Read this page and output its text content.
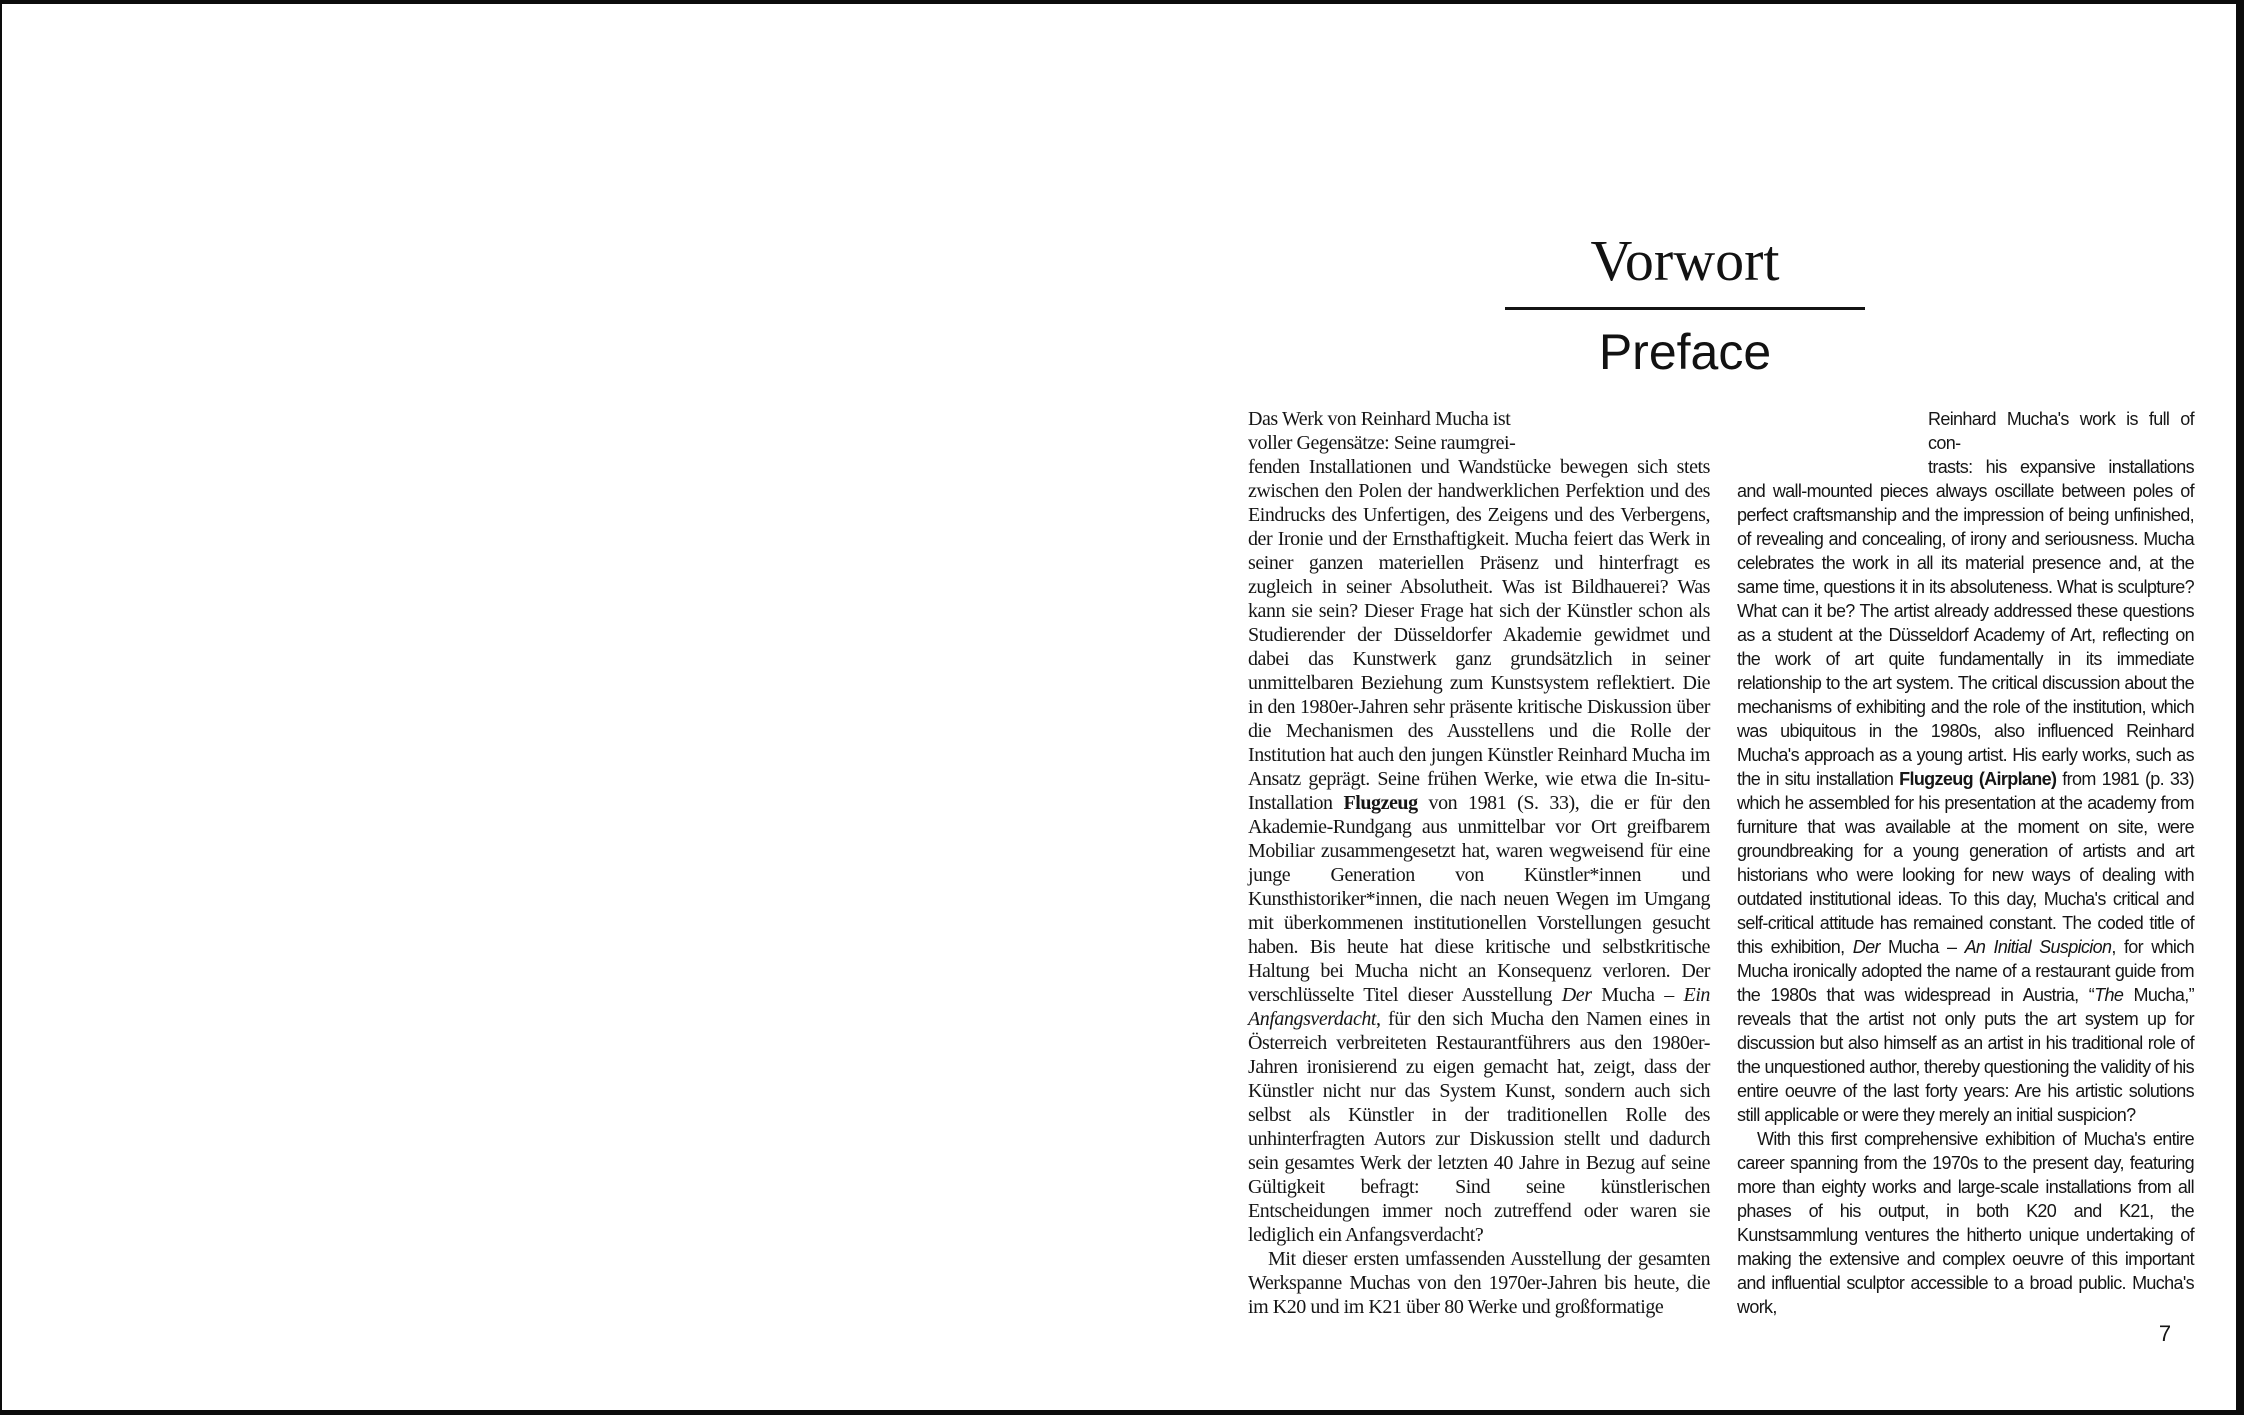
Vorwort
Preface
Das Werk von Reinhard Mucha ist
voller Gegensätze: Seine raumgrei-

fenden Installationen und Wandstücke bewegen sich stets zwischen den Polen der handwerklichen Perfektion und des Eindrucks des Unfertigen, des Zeigens und des Verbergens, der Ironie und der Ernsthaftigkeit. Mucha feiert das Werk in seiner ganzen materiellen Präsenz und hinterfragt es zugleich in seiner Absolutheit. Was ist Bildhauerei? Was kann sie sein? Dieser Frage hat sich der Künstler schon als Studierender der Düsseldorfer Akademie gewidmet und dabei das Kunstwerk ganz grundsätzlich in seiner unmittelbaren Beziehung zum Kunstsystem reflektiert. Die in den 1980er-Jahren sehr präsente kritische Diskussion über die Mechanismen des Ausstellens und die Rolle der Institution hat auch den jungen Künstler Reinhard Mucha im Ansatz geprägt. Seine frühen Werke, wie etwa die In-situ-Installation Flugzeug von 1981 (S. 33), die er für den Akademie-Rundgang aus unmittelbar vor Ort greifbarem Mobiliar zusammengesetzt hat, waren wegweisend für eine junge Generation von Künstler*innen und Kunsthistoriker*innen, die nach neuen Wegen im Umgang mit überkommenen institutionellen Vorstellungen gesucht haben. Bis heute hat diese kritische und selbstkritische Haltung bei Mucha nicht an Konsequenz verloren. Der verschlüsselte Titel dieser Ausstellung Der Mucha – Ein Anfangsverdacht, für den sich Mucha den Namen eines in Österreich verbreiteten Restaurantführers aus den 1980er-Jahren ironisierend zu eigen gemacht hat, zeigt, dass der Künstler nicht nur das System Kunst, sondern auch sich selbst als Künstler in der traditionellen Rolle des unhinterfragten Autors zur Diskussion stellt und dadurch sein gesamtes Werk der letzten 40 Jahre in Bezug auf seine Gültigkeit befragt: Sind seine künstlerischen Entscheidungen immer noch zutreffend oder waren sie lediglich ein Anfangsverdacht?

Mit dieser ersten umfassenden Ausstellung der gesamten Werkspanne Muchas von den 1970er-Jahren bis heute, die im K20 und im K21 über 80 Werke und großformatige

Reinhard Mucha's work is full of con-
trasts: his expansive installations

and wall-mounted pieces always oscillate between poles of perfect craftsmanship and the impression of being unfinished, of revealing and concealing, of irony and seriousness. Mucha celebrates the work in all its material presence and, at the same time, questions it in its absoluteness. What is sculpture? What can it be? The artist already addressed these questions as a student at the Düsseldorf Academy of Art, reflecting on the work of art quite fundamentally in its immediate relationship to the art system. The critical discussion about the mechanisms of exhibiting and the role of the institution, which was ubiquitous in the 1980s, also influenced Reinhard Mucha's approach as a young artist. His early works, such as the in situ installation Flugzeug (Airplane) from 1981 (p. 33) which he assembled for his presentation at the academy from furniture that was available at the moment on site, were groundbreaking for a young generation of artists and art historians who were looking for new ways of dealing with outdated institutional ideas. To this day, Mucha's critical and self-critical attitude has remained constant. The coded title of this exhibition, Der Mucha – An Initial Suspicion, for which Mucha ironically adopted the name of a restaurant guide from the 1980s that was widespread in Austria, “The Mucha,” reveals that the artist not only puts the art system up for discussion but also himself as an artist in his traditional role of the unquestioned author, thereby questioning the validity of his entire oeuvre of the last forty years: Are his artistic solutions still applicable or were they merely an initial suspicion?

With this first comprehensive exhibition of Mucha's entire career spanning from the 1970s to the present day, featuring more than eighty works and large-scale installations from all phases of his output, in both K20 and K21, the Kunstsammlung ventures the hitherto unique undertaking of making the extensive and complex oeuvre of this important and influential sculptor accessible to a broad public. Mucha's work,

7
